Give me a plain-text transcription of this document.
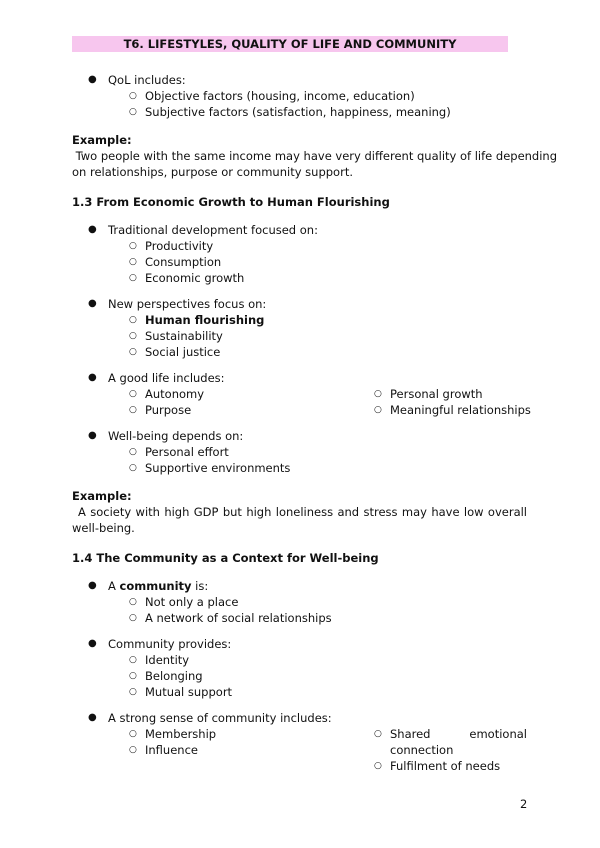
T6. LIFESTYLES, QUALITY OF LIFE AND COMMUNITY
● QoL includes:
○ Objective factors (housing, income, education)
○ Subjective factors (satisfaction, happiness, meaning)
Example:
Two people with the same income may have very different quality of life depending
on relationships, purpose or community support.
1.3 From Economic Growth to Human Flourishing
● Traditional development focused on:
○ Productivity
○ Consumption
○ Economic growth
● New perspectives focus on:
○ Human flourishing
○ Sustainability
○ Social justice
● A good life includes:
○ Autonomy
○ Purpose
○ Personal growth
○ Meaningful relationships
● Well-being depends on:
○ Personal effort
○ Supportive environments
Example:
A society with high GDP but high loneliness and stress may have low overall
well-being.
1.4 The Community as a Context for Well-being
● A community is:
○ Not only a place
○ A network of social relationships
● Community provides:
○ Identity
○ Belonging
○ Mutual support
● A strong sense of community includes:
○ Membership
○ Influence
○ Shared	emotional
connection
○ Fulfilment of needs
2
